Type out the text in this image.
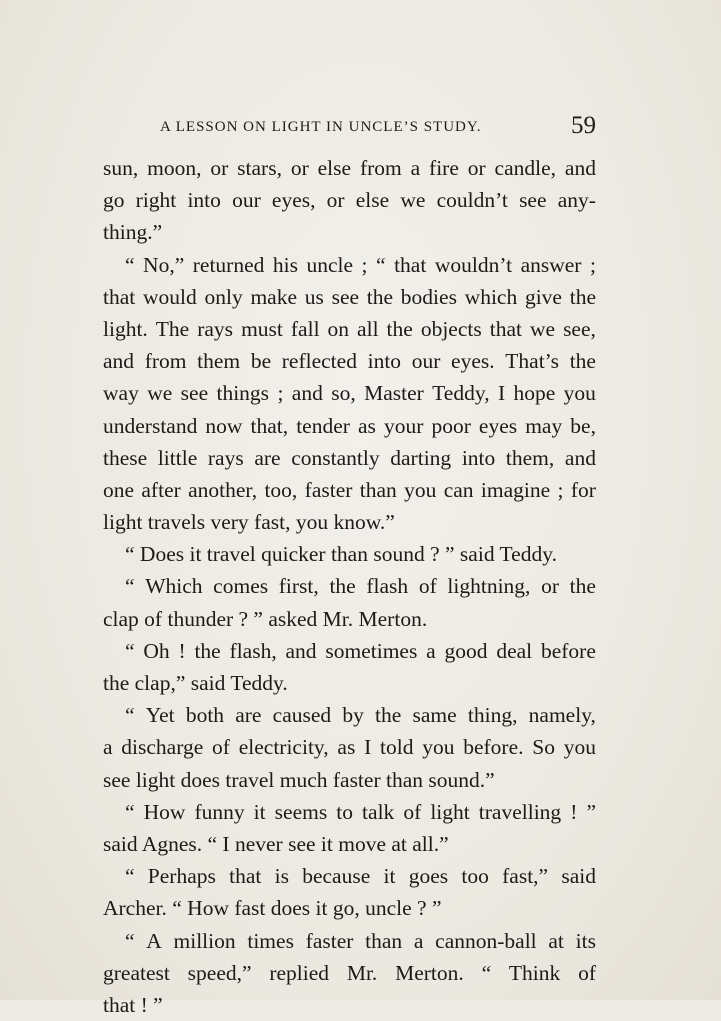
A LESSON ON LIGHT IN UNCLE’S STUDY.	59
sun, moon, or stars, or else from a fire or candle, and
go right into our eyes, or else we couldn’t see any-
thing.”
“ No,” returned his uncle ; “ that wouldn’t answer ;
that would only make us see the bodies which give the
light. The rays must fall on all the objects that we see,
and from them be reflected into our eyes. That’s the
way we see things ; and so, Master Teddy, I hope you
understand now that, tender as your poor eyes may be,
these little rays are constantly darting into them, and
one after another, too, faster than you can imagine ; for
light travels very fast, you know.”
“ Does it travel quicker than sound ? ” said Teddy.
“ Which comes first, the flash of lightning, or the
clap of thunder ? ” asked Mr. Merton.
“ Oh ! the flash, and sometimes a good deal before
the clap,” said Teddy.
“ Yet both are caused by the same thing, namely,
a discharge of electricity, as I told you before. So you
see light does travel much faster than sound.”
“ How funny it seems to talk of light travelling ! ”
said Agnes. “ I never see it move at all.”
“ Perhaps that is because it goes too fast,” said
Archer. “ How fast does it go, uncle ? ”
“ A million times faster than a cannon-ball at its
greatest speed,” replied Mr. Merton. “ Think of
that ! ”
